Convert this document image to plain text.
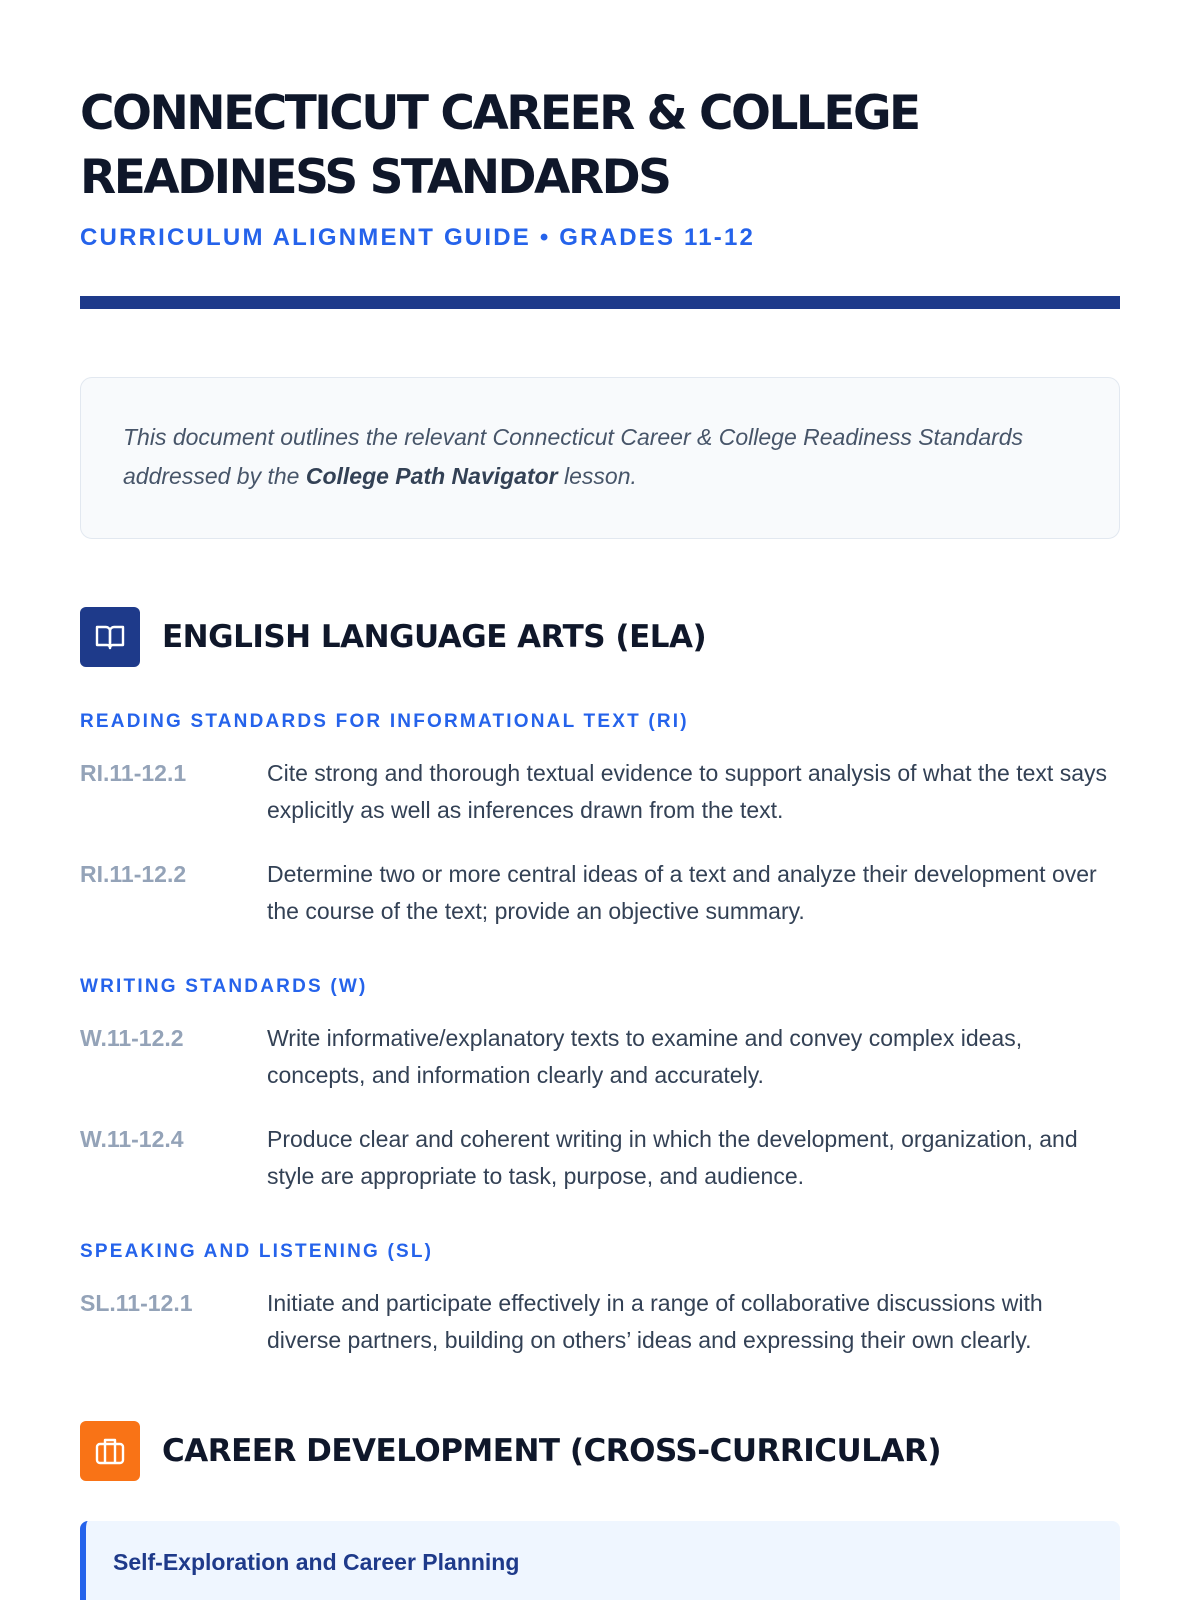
CONNECTICUT CAREER & COLLEGE
READINESS STANDARDS
CURRICULUM ALIGNMENT GUIDE • GRADES 11-12
This document outlines the relevant Connecticut Career & College Readiness Standards addressed by the College Path Navigator lesson.
ENGLISH LANGUAGE ARTS (ELA)
READING STANDARDS FOR INFORMATIONAL TEXT (RI)
RI.11-12.1	Cite strong and thorough textual evidence to support analysis of what the text says explicitly as well as inferences drawn from the text.
RI.11-12.2	Determine two or more central ideas of a text and analyze their development over the course of the text; provide an objective summary.
WRITING STANDARDS (W)
W.11-12.2	Write informative/explanatory texts to examine and convey complex ideas, concepts, and information clearly and accurately.
W.11-12.4	Produce clear and coherent writing in which the development, organization, and style are appropriate to task, purpose, and audience.
SPEAKING AND LISTENING (SL)
SL.11-12.1	Initiate and participate effectively in a range of collaborative discussions with diverse partners, building on others’ ideas and expressing their own clearly.
CAREER DEVELOPMENT (CROSS-CURRICULAR)
Self-Exploration and Career Planning
